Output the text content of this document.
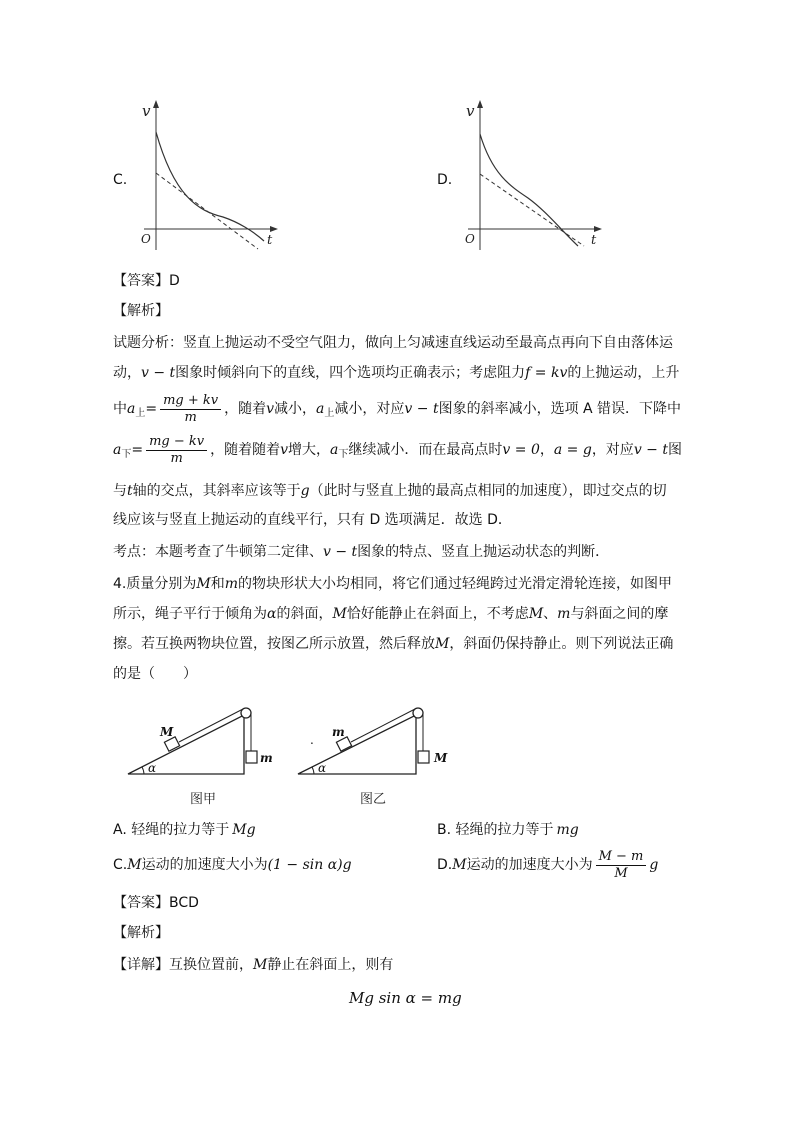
C.
v
O	t
D.
v
O	t
【答案】D
【解析】
试题分析：竖直上抛运动不受空气阻力，做向上匀减速直线运动至最高点再向下自由落体运
动，v − t图象时倾斜向下的直线，四个选项均正确表示；考虑阻力f = kv的上抛运动，上升
中$a_上= \frac{mg + kv}{m}$ ，随着v减小，$a_上$减小，对应v − t图象的斜率减小，选项 A 错误．下降中
$a_下= \frac{mg - kv}{m}$ ，随着随着v增大，$a_下$继续减小．而在最高点时v = 0，a = g，对应v − t图
与t轴的交点，其斜率应该等于g（此时与竖直上抛的最高点相同的加速度），即过交点的切
线应该与竖直上抛运动的直线平行，只有 D 选项满足．故选 D．
考点：本题考查了牛顿第二定律、v − t图象的特点、竖直上抛运动状态的判断．
4.质量分别为M和m的物块形状大小均相同，将它们通过轻绳跨过光滑定滑轮连接，如图甲
所示，绳子平行于倾角为α的斜面，M恰好能静止在斜面上，不考虑M、m与斜面之间的摩
擦。若互换两物块位置，按图乙所示放置，然后释放M，斜面仍保持静止。则下列说法正确
的是（　　）
M
m
α
图甲
.
m
M
α
图乙
A. 轻绳的拉力等于 Mg	B. 轻绳的拉力等于 mg
C.M运动的加速度大小为(1 − sin α)g	D.M运动的加速度大小为 $\frac{M - m}{M}$ g
【答案】BCD
【解析】
【详解】互换位置前，M静止在斜面上，则有
Mg sin α = mg
